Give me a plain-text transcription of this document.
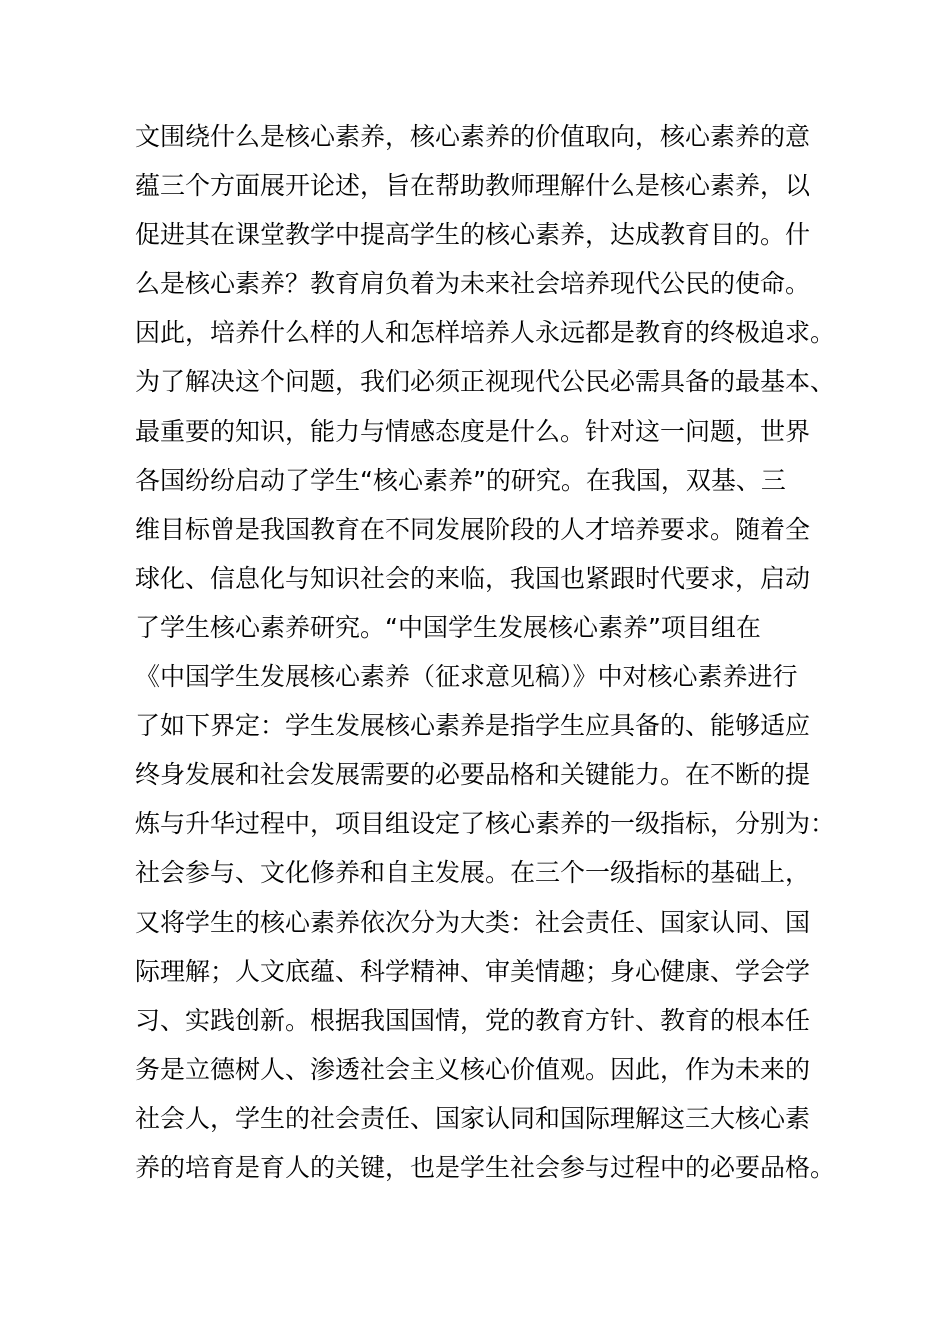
文围绕什么是核心素养，核心素养的价值取向，核心素养的意
蕴三个方面展开论述，旨在帮助教师理解什么是核心素养，以
促进其在课堂教学中提高学生的核心素养，达成教育目的。什
么是核心素养？教育肩负着为未来社会培养现代公民的使命。
因此，培养什么样的人和怎样培养人永远都是教育的终极追求。
为了解决这个问题，我们必须正视现代公民必需具备的最基本、
最重要的知识，能力与情感态度是什么。针对这一问题，世界
各国纷纷启动了学生“核心素养”的研究。在我国，双基、三
维目标曾是我国教育在不同发展阶段的人才培养要求。随着全
球化、信息化与知识社会的来临，我国也紧跟时代要求，启动
了学生核心素养研究。“中国学生发展核心素养”项目组在
《中国学生发展核心素养（征求意见稿）》中对核心素养进行
了如下界定：学生发展核心素养是指学生应具备的、能够适应
终身发展和社会发展需要的必要品格和关键能力。在不断的提
炼与升华过程中，项目组设定了核心素养的一级指标，分别为：
社会参与、文化修养和自主发展。在三个一级指标的基础上，
又将学生的核心素养依次分为大类：社会责任、国家认同、国
际理解；人文底蕴、科学精神、审美情趣；身心健康、学会学
习、实践创新。根据我国国情，党的教育方针、教育的根本任
务是立德树人、渗透社会主义核心价值观。因此，作为未来的
社会人，学生的社会责任、国家认同和国际理解这三大核心素
养的培育是育人的关键，也是学生社会参与过程中的必要品格。
